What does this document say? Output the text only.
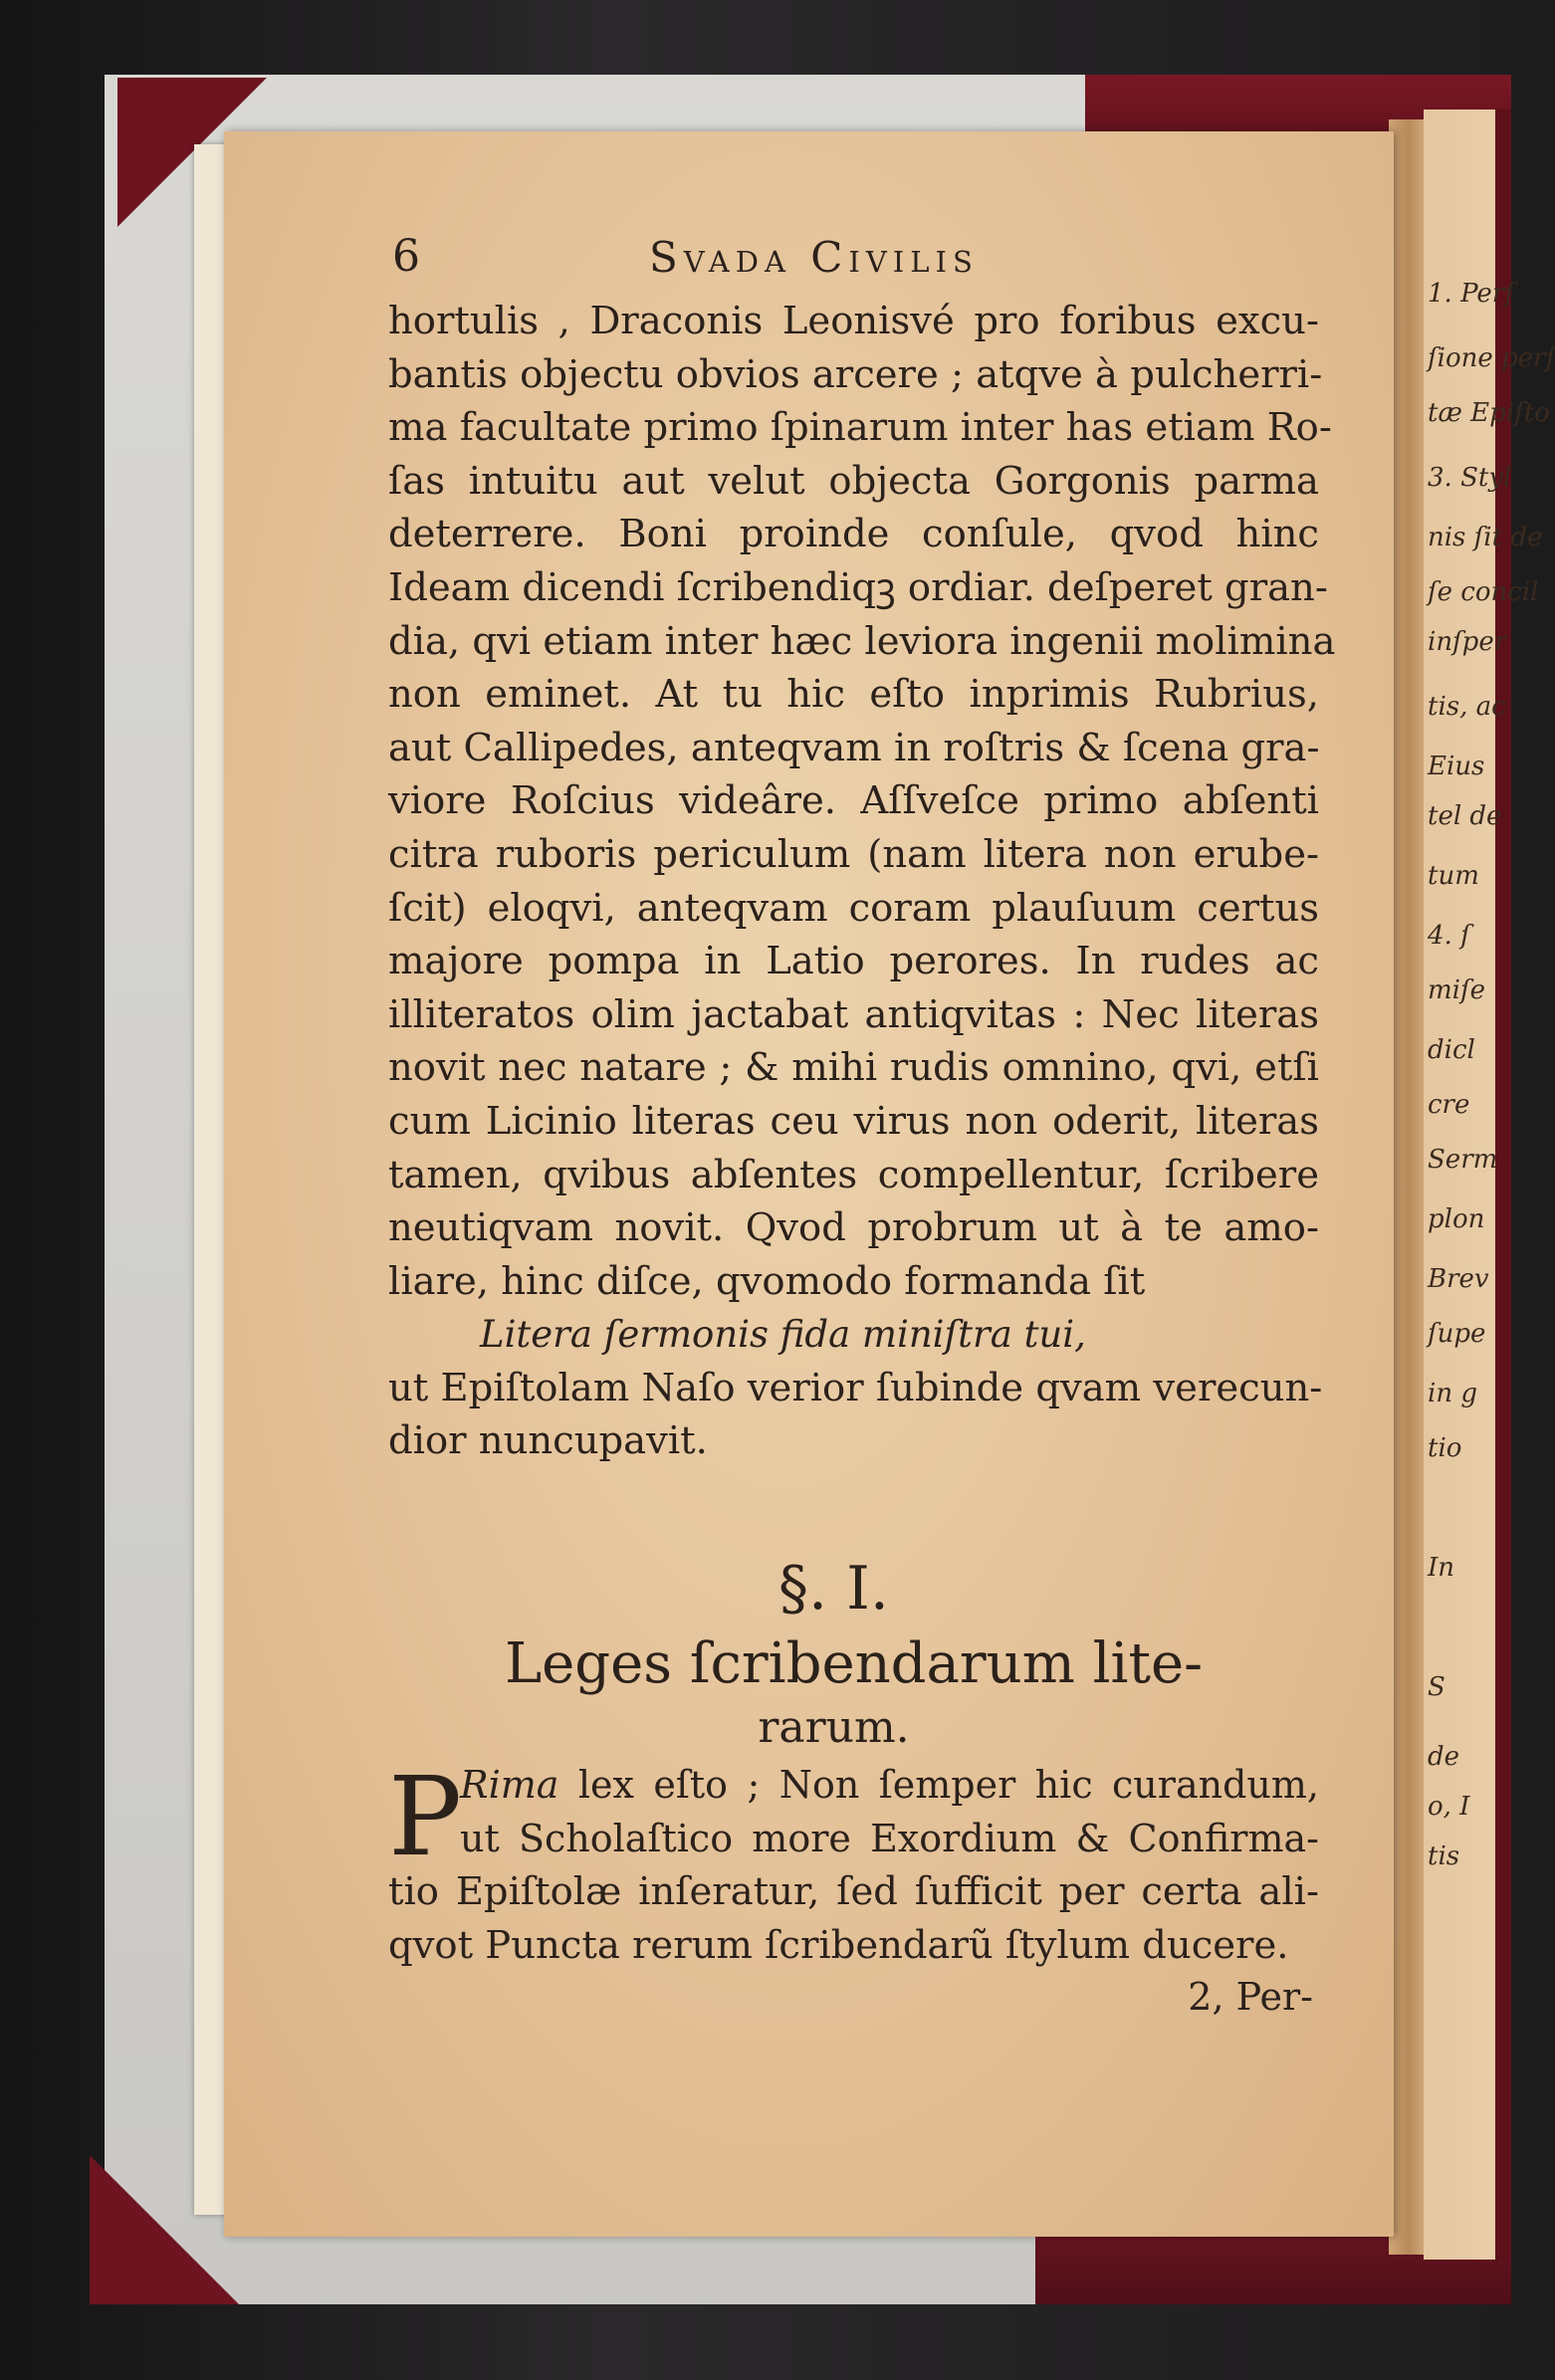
1. Perſ
ſione perſ
tæ Epiſto
3. Styl
nis ſit de
ſe concil
inſper
tis, ac
Eius
tel de
tum
4. ſ
miſe
dicl
cre
Serm
plon
Brev
ſupe
in g
tio
In
S
de
o, I
tis
6	Svada Civilis
hortulis , Draconis Leonisvé pro foribus excu-
bantis objectu obvios arcere ; atqve à pulcherri-
ma facultate primo ſpinarum inter has etiam Ro-
ſas intuitu aut velut objecta Gorgonis parma
deterrere. Boni proinde conſule, qvod hinc
Ideam dicendi ſcribendiqꝫ ordiar. deſperet gran-
dia, qvi etiam inter hæc leviora ingenii molimina
non eminet. At tu hic eſto inprimis Rubrius,
aut Callipedes, anteqvam in roſtris & ſcena gra-
viore Roſcius videâre. Aſſveſce primo abſenti
citra ruboris periculum (nam litera non erube-
ſcit) eloqvi, anteqvam coram plauſuum certus
majore pompa in Latio perores. In rudes ac
illiteratos olim jactabat antiqvitas : Nec literas
novit nec natare ; & mihi rudis omnino, qvi, etſi
cum Licinio literas ceu virus non oderit, literas
tamen, qvibus abſentes compellentur, ſcribere
neutiqvam novit. Qvod probrum ut à te amo-
liare, hinc diſce, qvomodo formanda ſit
Litera ſermonis fida miniſtra tui,
ut Epiſtolam Naſo verior ſubinde qvam verecun-
dior nuncupavit.
§. I.
Leges ſcribendarum lite-
rarum.
P
Rima lex eſto ; Non ſemper hic curandum,
ut Scholaſtico more Exordium & Confirma-
tio Epiſtolæ inſeratur, ſed ſufficit per certa ali-
qvot Puncta rerum ſcribendarũ ſtylum ducere.
2, Per-
